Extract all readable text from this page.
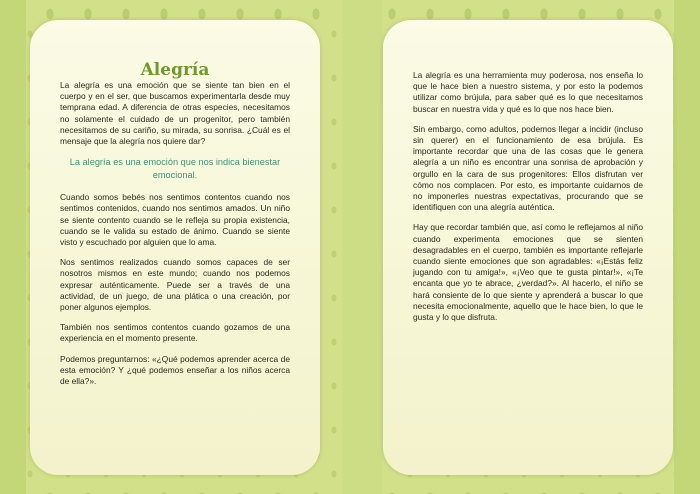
Alegría

La alegría es una emoción que se siente tan bien en el cuerpo y en el ser, que buscamos experimentarla desde muy temprana edad. A diferencia de otras especies, necesitamos no solamente el cuidado de un progenitor, pero también necesitamos de su cariño, su mirada, su sonrisa. ¿Cuál es el mensaje que la alegría nos quiere dar?

La alegría es una emoción que nos indica bienestar emocional.

Cuando somos bebés nos sentimos contentos cuando nos sentimos contenidos, cuando nos sentimos amados. Un niño se siente contento cuando se le refleja su propia existencia, cuando se le valida su estado de ánimo. Cuando se siente visto y escuchado por alguien que lo ama.

Nos sentimos realizados cuando somos capaces de ser nosotros mismos en este mundo; cuando nos podemos expresar auténticamente. Puede ser a través de una actividad, de un juego, de una plática o una creación, por poner algunos ejemplos.

También nos sentimos contentos cuando gozamos de una experiencia en el momento presente.

Podemos preguntarnos: «¿Qué podemos aprender acerca de esta emoción? Y ¿qué podemos enseñar a los niños acerca de ella?».

La alegría es una herramienta muy poderosa, nos enseña lo que le hace bien a nuestro sistema, y por esto la podemos utilizar como brújula, para saber qué es lo que necesitamos buscar en nuestra vida y qué es lo que nos hace bien.

Sin embargo, como adultos, podemos llegar a incidir (incluso sin querer) en el funcionamiento de esa brújula. Es importante recordar que una de las cosas que le genera alegría a un niño es encontrar una sonrisa de aprobación y orgullo en la cara de sus progenitores: Ellos disfrutan ver cómo nos complacen. Por esto, es importante cuidarnos de no imponerles nuestras expectativas, procurando que se identifiquen con una alegría auténtica.

Hay que recordar también que, así como le reflejamos al niño cuando experimenta emociones que se sienten desagradables en el cuerpo, también es importante reflejarle cuando siente emociones que son agradables: «¡Estás feliz jugando con tu amiga!», «¡Veo que te gusta pintar!», «¡Te encanta que yo te abrace, ¿verdad?». Al hacerlo, el niño se hará consiente de lo que siente y aprenderá a buscar lo que necesita emocionalmente, aquello que le hace bien, lo que le gusta y lo que disfruta.
